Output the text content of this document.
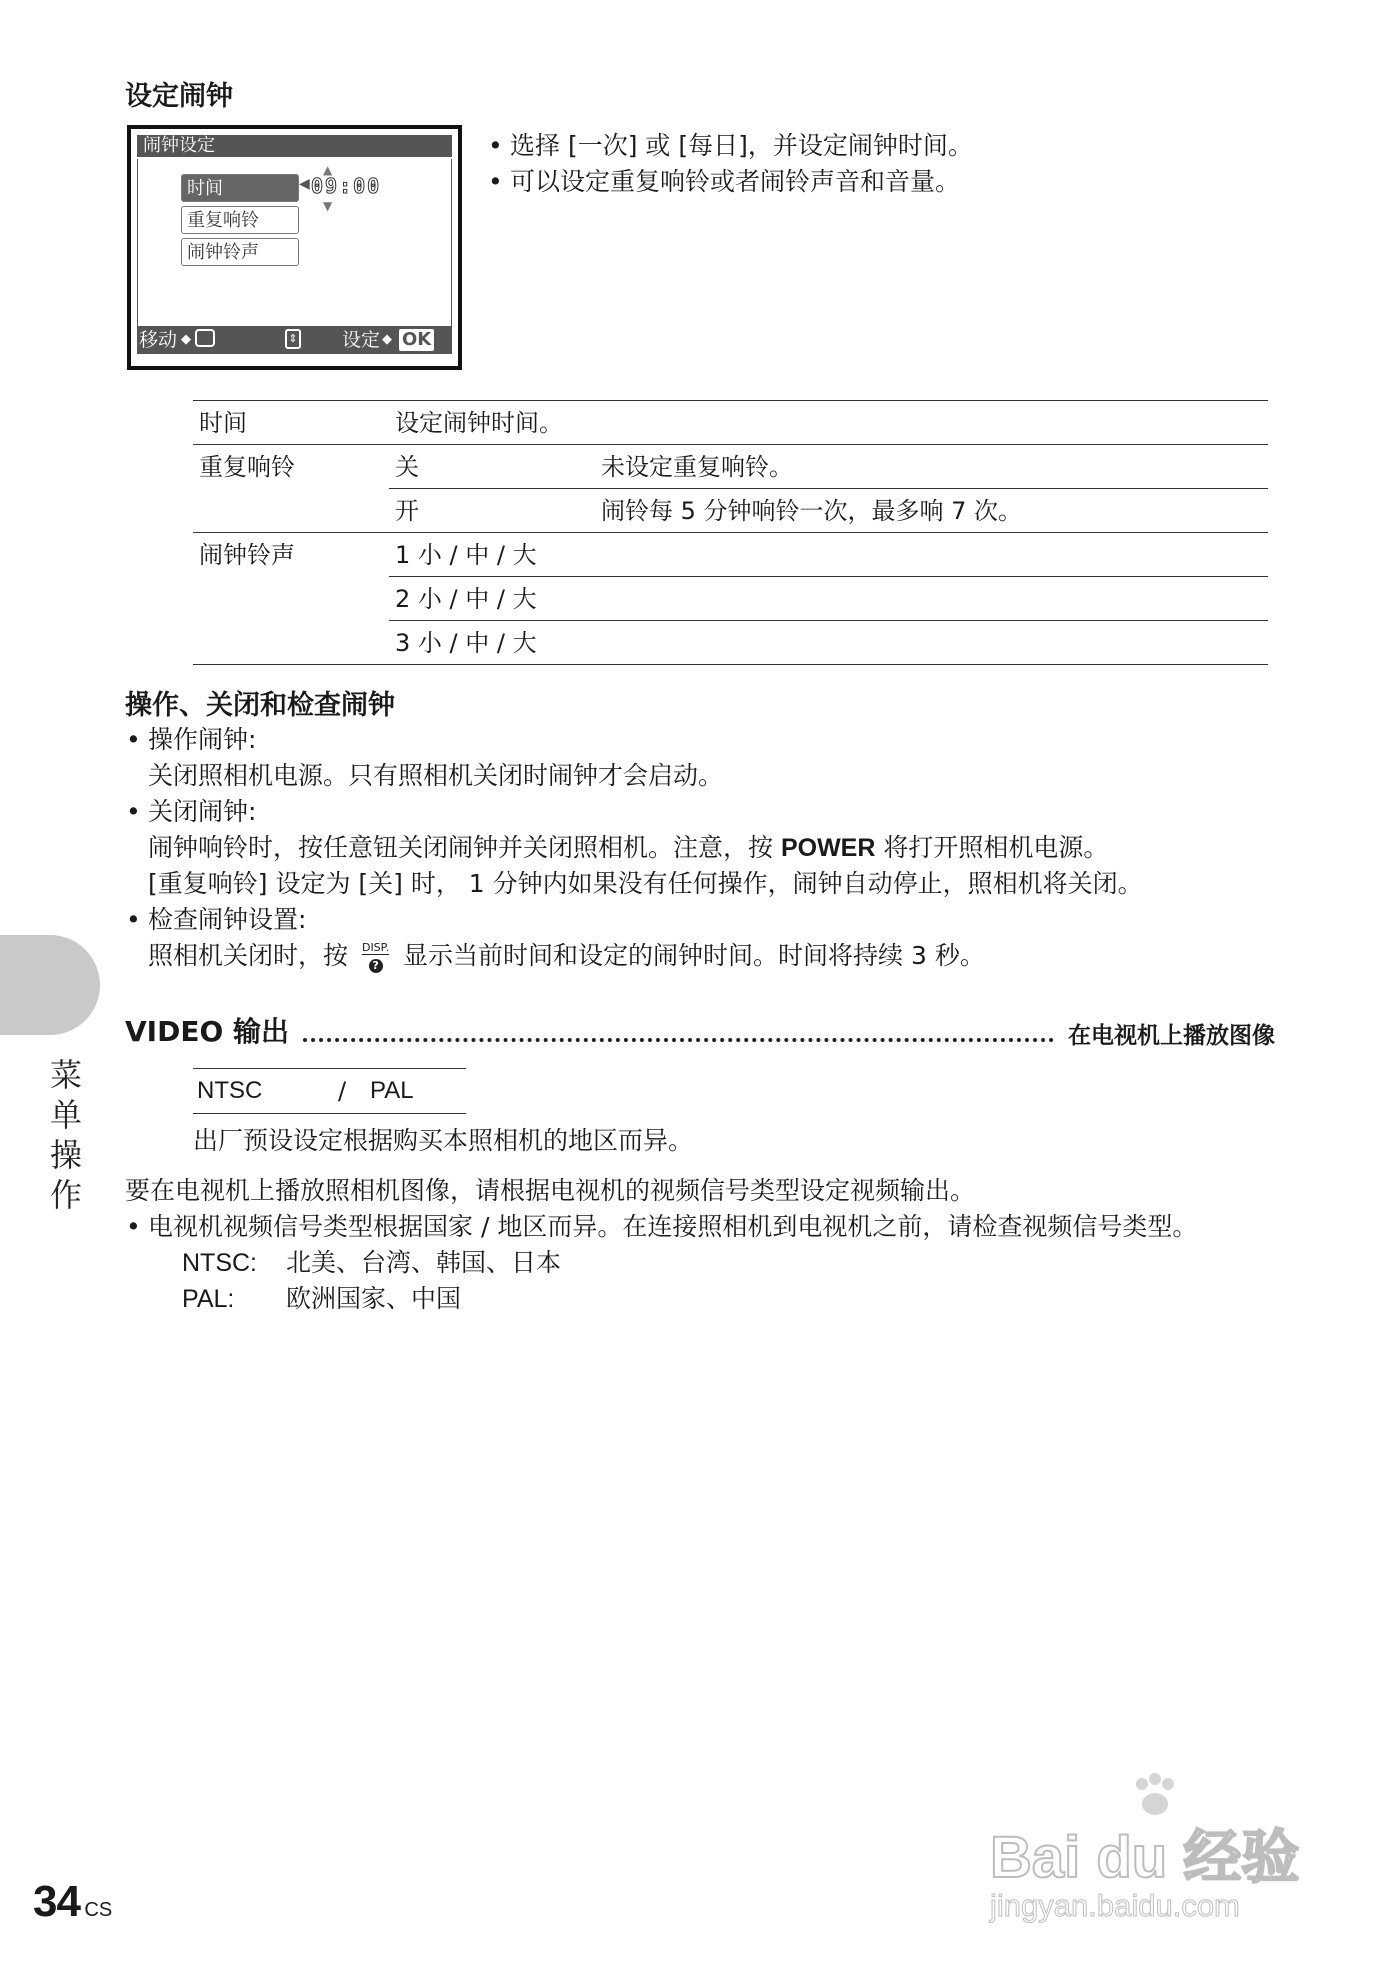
设定闹钟
闹钟设定
时间
重复响铃
闹钟铃声
◀
▲
▼
09:00
移动 ◆	⇕ 设定 ◆ OK
• 选择 [一次] 或 [每日]，并设定闹钟时间。
• 可以设定重复响铃或者闹铃声音和音量。
时间	设定闹钟时间。
重复响铃	关	未设定重复响铃。
开	闹铃每 5 分钟响铃一次，最多响 7 次。
闹钟铃声	1 小 / 中 / 大
2 小 / 中 / 大
3 小 / 中 / 大
操作、关闭和检查闹钟
• 操作闹钟:
关闭照相机电源。只有照相机关闭时闹钟才会启动。
• 关闭闹钟:
闹钟响铃时，按任意钮关闭闹钟并关闭照相机。注意，按 POWER 将打开照相机电源。
[重复响铃] 设定为 [关] 时， 1 分钟内如果没有任何操作，闹钟自动停止，照相机将关闭。
• 检查闹钟设置:
照相机关闭时，按 DISP.
? 显示当前时间和设定的闹钟时间。时间将持续 3 秒。
VIDEO 输出	在电视机上播放图像
NTSC	/ PAL
出厂预设设定根据购买本照相机的地区而异。
要在电视机上播放照相机图像，请根据电视机的视频信号类型设定视频输出。
• 电视机视频信号类型根据国家 / 地区而异。在连接照相机到电视机之前，请检查视频信号类型。
NTSC: 北美、台湾、韩国、日本
PAL: 欧洲国家、中国
菜单操作
34 CS
Bai du 经验
jingyan.baidu.com
